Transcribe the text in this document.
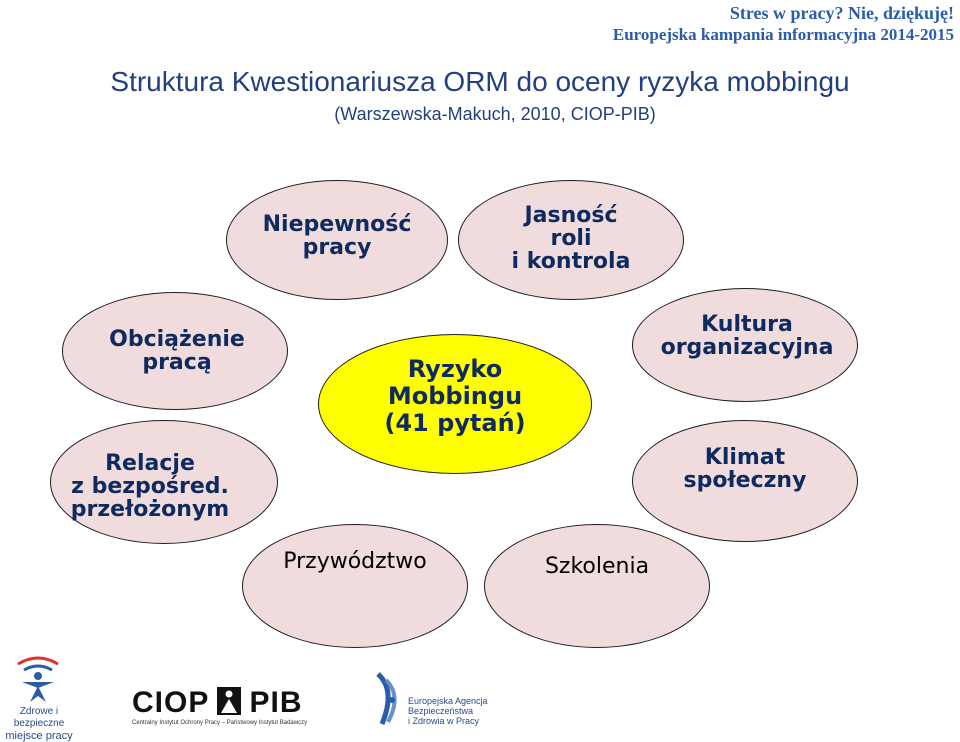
Stres w pracy? Nie, dziękuję!
Europejska kampania informacyjna 2014-2015
Struktura Kwestionariusza ORM do oceny ryzyka mobbingu
(Warszewska-Makuch, 2010, CIOP-PIB)
Niepewność
pracy
Jasność
roli
i kontrola
Obciążenie
pracą
Relacje
z bezpośred.
przełożonym
Ryzyko
Mobbingu
(41 pytań)
Kultura
organizacyjna
Klimat
społeczny
Przywództwo	Szkolenia
Zdrowe i bezpieczne
miejsce pracy
CIOP PIB
Centralny Instytut Ochrony Pracy – Państwowy Instytut Badawczy
Europejska Agencja
Bezpieczeństwa
i Zdrowia w Pracy
